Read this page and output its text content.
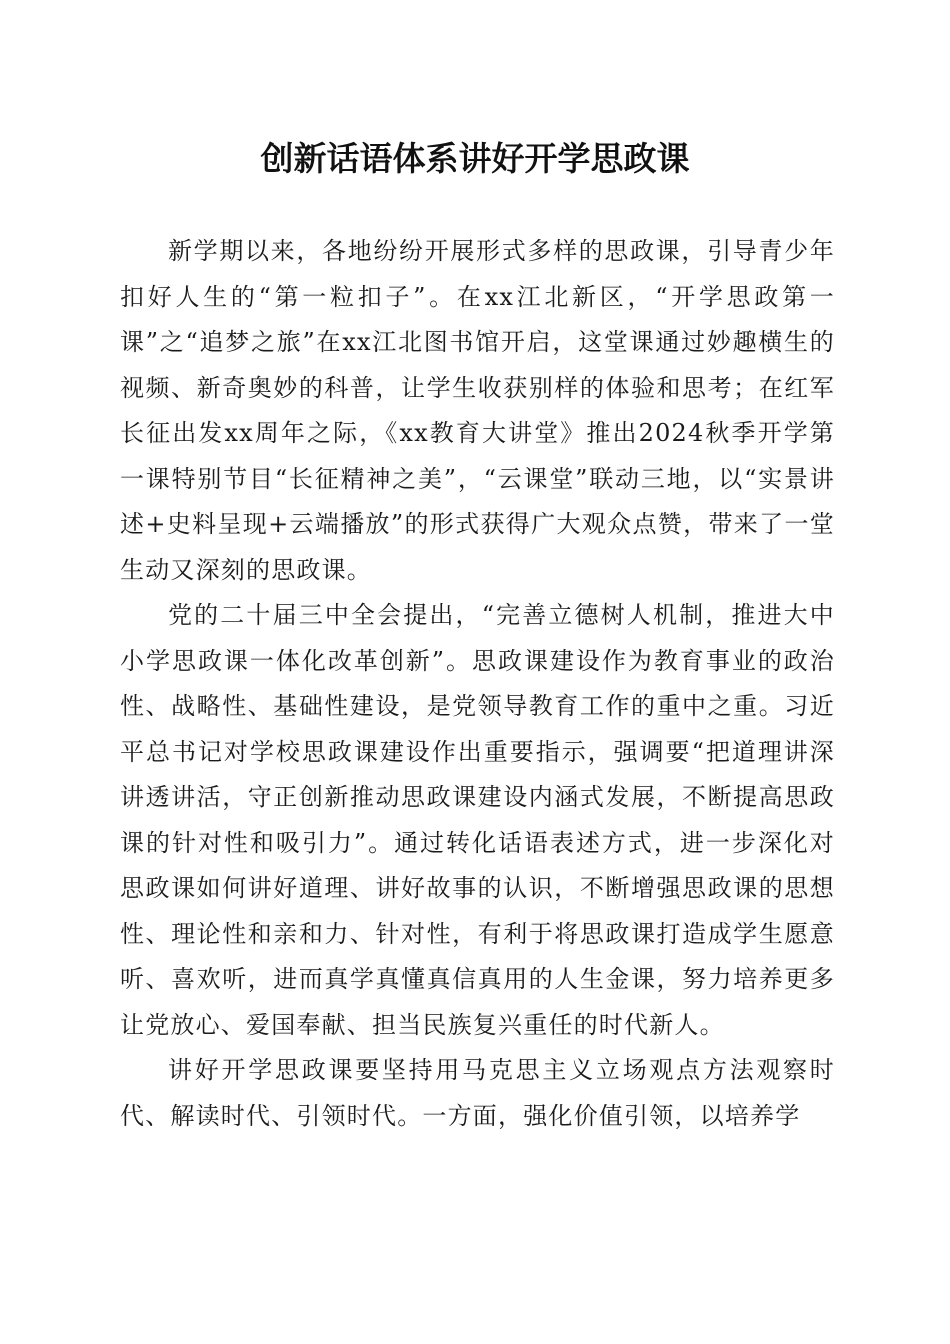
创新话语体系讲好开学思政课

新学期以来，各地纷纷开展形式多样的思政课，引导青少年扣好人生的“第一粒扣子”。在xx江北新区，“开学思政第一课”之“追梦之旅”在xx江北图书馆开启，这堂课通过妙趣横生的视频、新奇奥妙的科普，让学生收获别样的体验和思考；在红军长征出发xx周年之际，《xx教育大讲堂》推出2024秋季开学第一课特别节目“长征精神之美”，“云课堂”联动三地，以“实景讲述+史料呈现+云端播放”的形式获得广大观众点赞，带来了一堂生动又深刻的思政课。

党的二十届三中全会提出，“完善立德树人机制，推进大中小学思政课一体化改革创新”。思政课建设作为教育事业的政治性、战略性、基础性建设，是党领导教育工作的重中之重。习近平总书记对学校思政课建设作出重要指示，强调要“把道理讲深讲透讲活，守正创新推动思政课建设内涵式发展，不断提高思政课的针对性和吸引力”。通过转化话语表述方式，进一步深化对思政课如何讲好道理、讲好故事的认识，不断增强思政课的思想性、理论性和亲和力、针对性，有利于将思政课打造成学生愿意听、喜欢听，进而真学真懂真信真用的人生金课，努力培养更多让党放心、爱国奉献、担当民族复兴重任的时代新人。

讲好开学思政课要坚持用马克思主义立场观点方法观察时代、解读时代、引领时代。一方面，强化价值引领，以培养学
